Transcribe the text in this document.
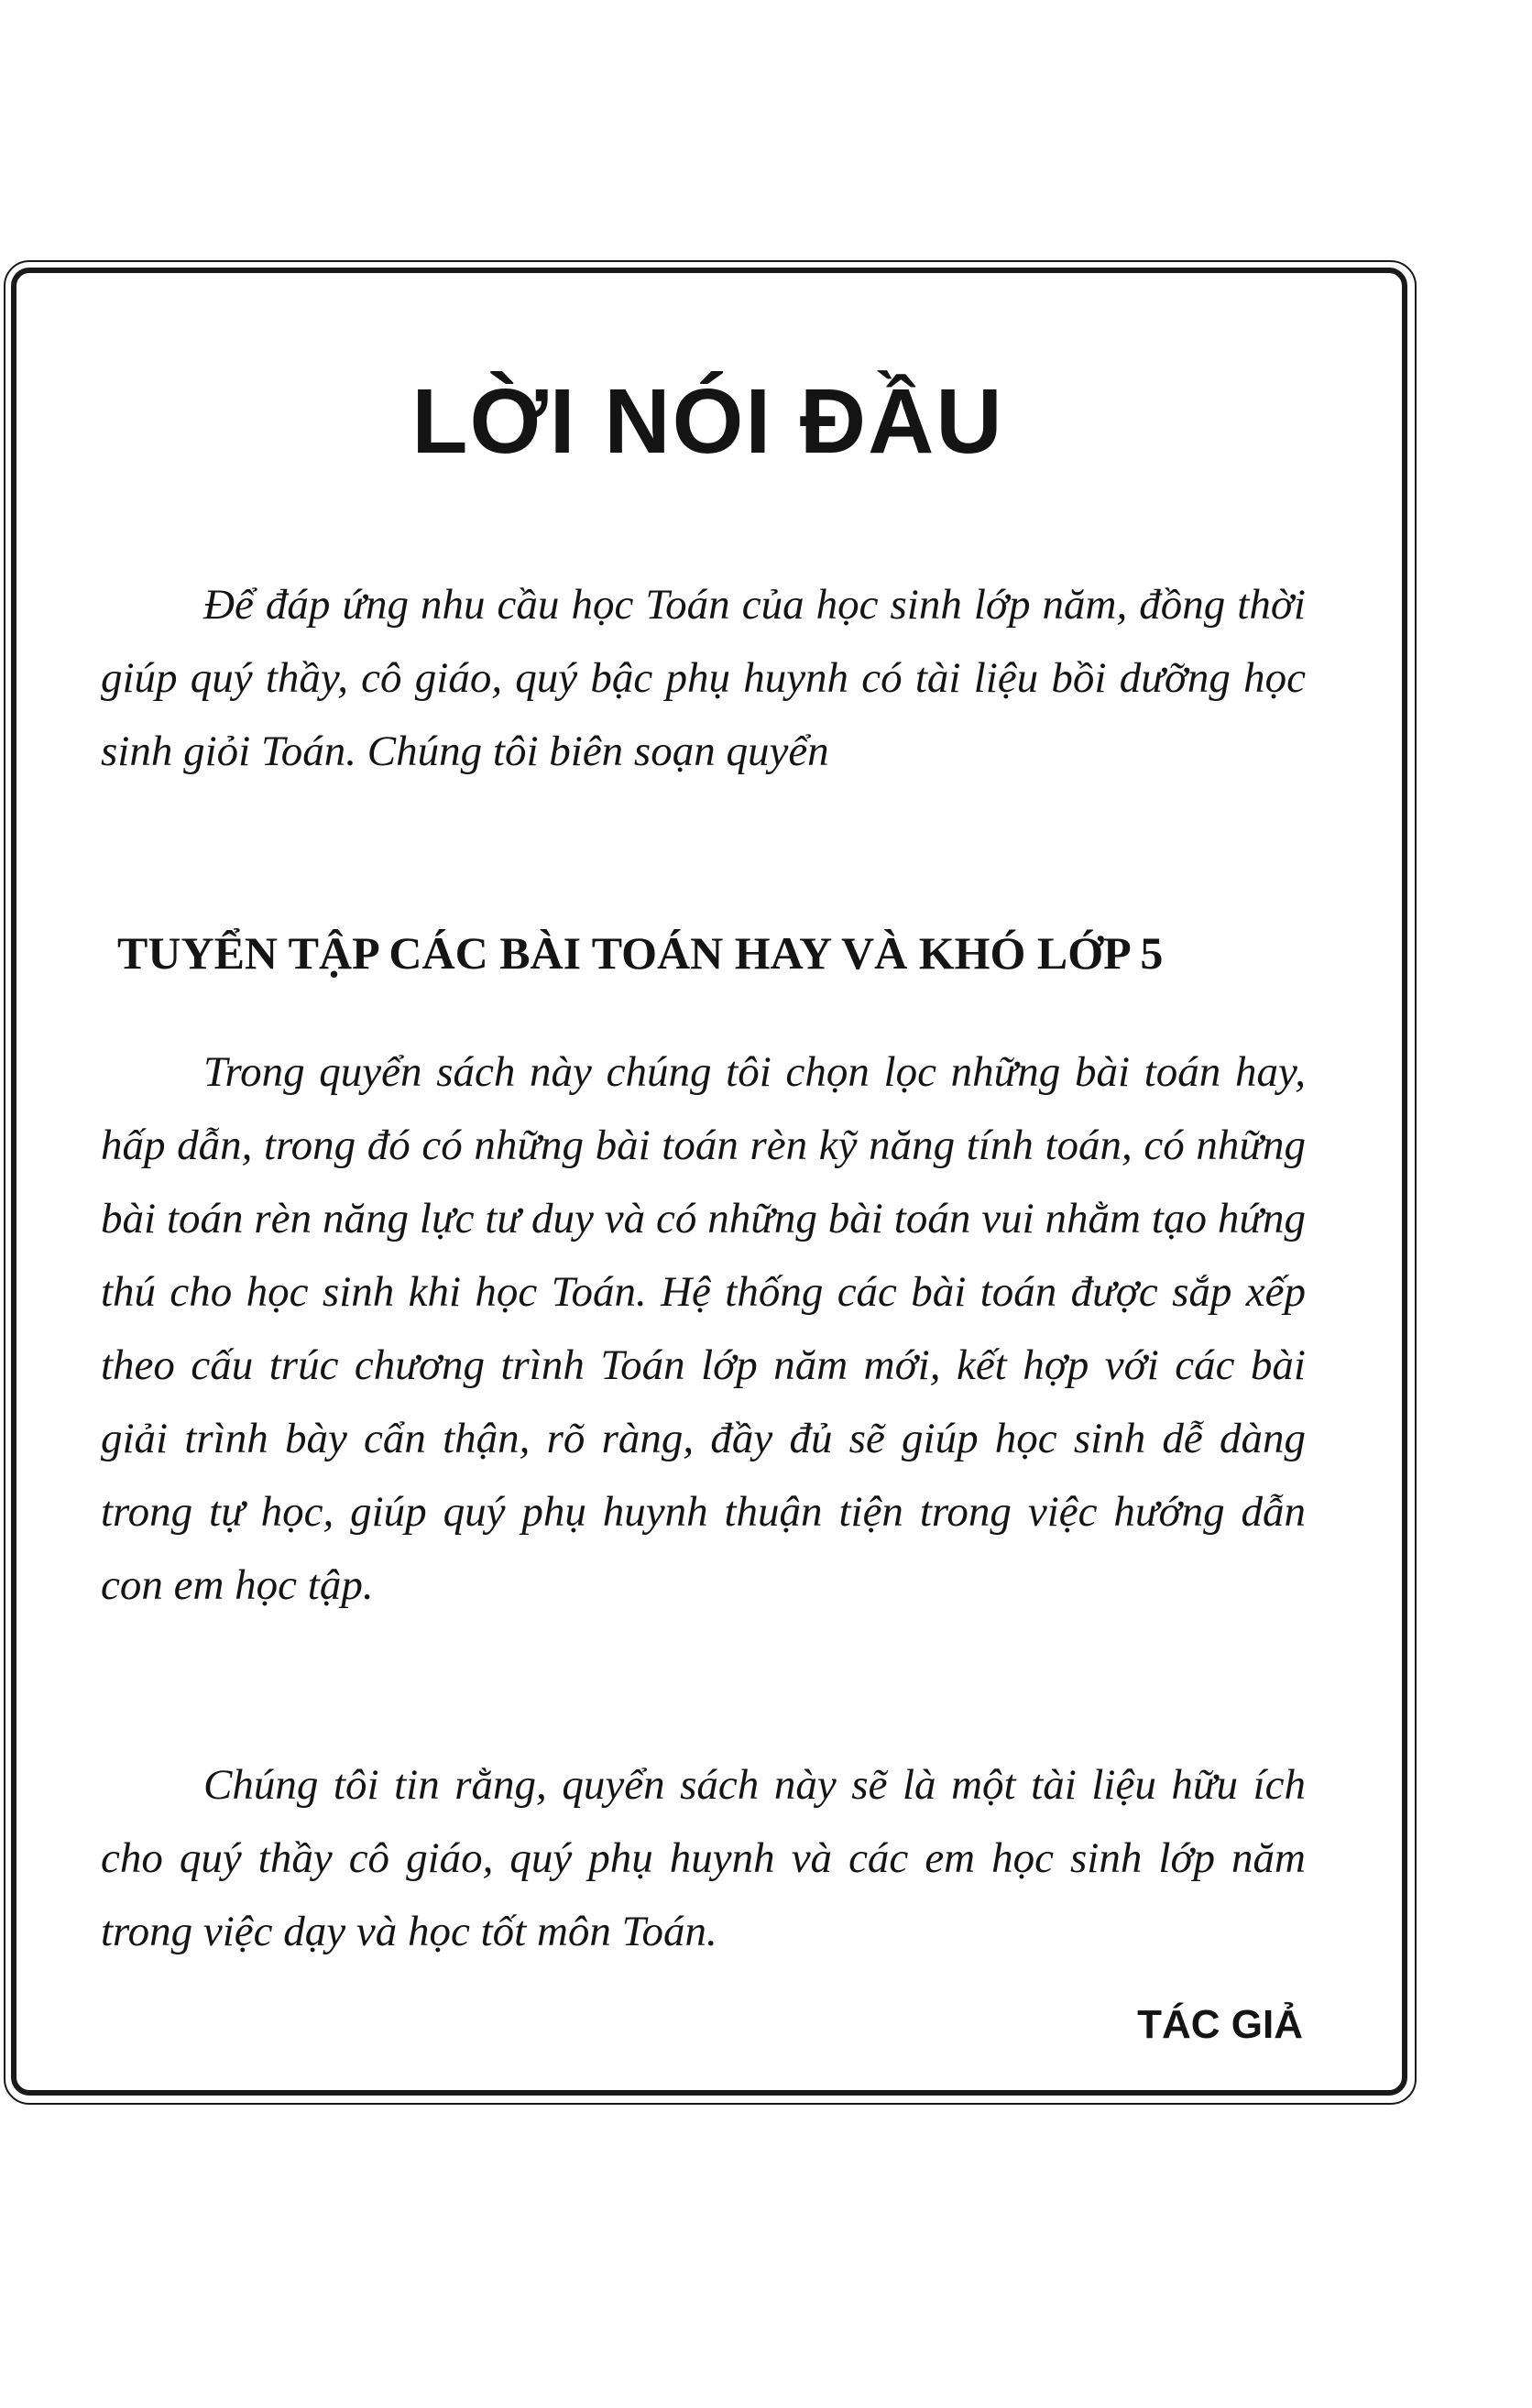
LỜI NÓI ĐẦU

Để đáp ứng nhu cầu học Toán của học sinh lớp năm, đồng thời giúp quý thầy, cô giáo, quý bậc phụ huynh có tài liệu bồi dưỡng học sinh giỏi Toán. Chúng tôi biên soạn quyển

TUYỂN TẬP CÁC BÀI TOÁN HAY VÀ KHÓ LỚP 5

Trong quyển sách này chúng tôi chọn lọc những bài toán hay, hấp dẫn, trong đó có những bài toán rèn kỹ năng tính toán, có những bài toán rèn năng lực tư duy và có những bài toán vui nhằm tạo hứng thú cho học sinh khi học Toán. Hệ thống các bài toán được sắp xếp theo cấu trúc chương trình Toán lớp năm mới, kết hợp với các bài giải trình bày cẩn thận, rõ ràng, đầy đủ sẽ giúp học sinh dễ dàng trong tự học, giúp quý phụ huynh thuận tiện trong việc hướng dẫn con em học tập.

Chúng tôi tin rằng, quyển sách này sẽ là một tài liệu hữu ích cho quý thầy cô giáo, quý phụ huynh và các em học sinh lớp năm trong việc dạy và học tốt môn Toán.

TÁC GIẢ
